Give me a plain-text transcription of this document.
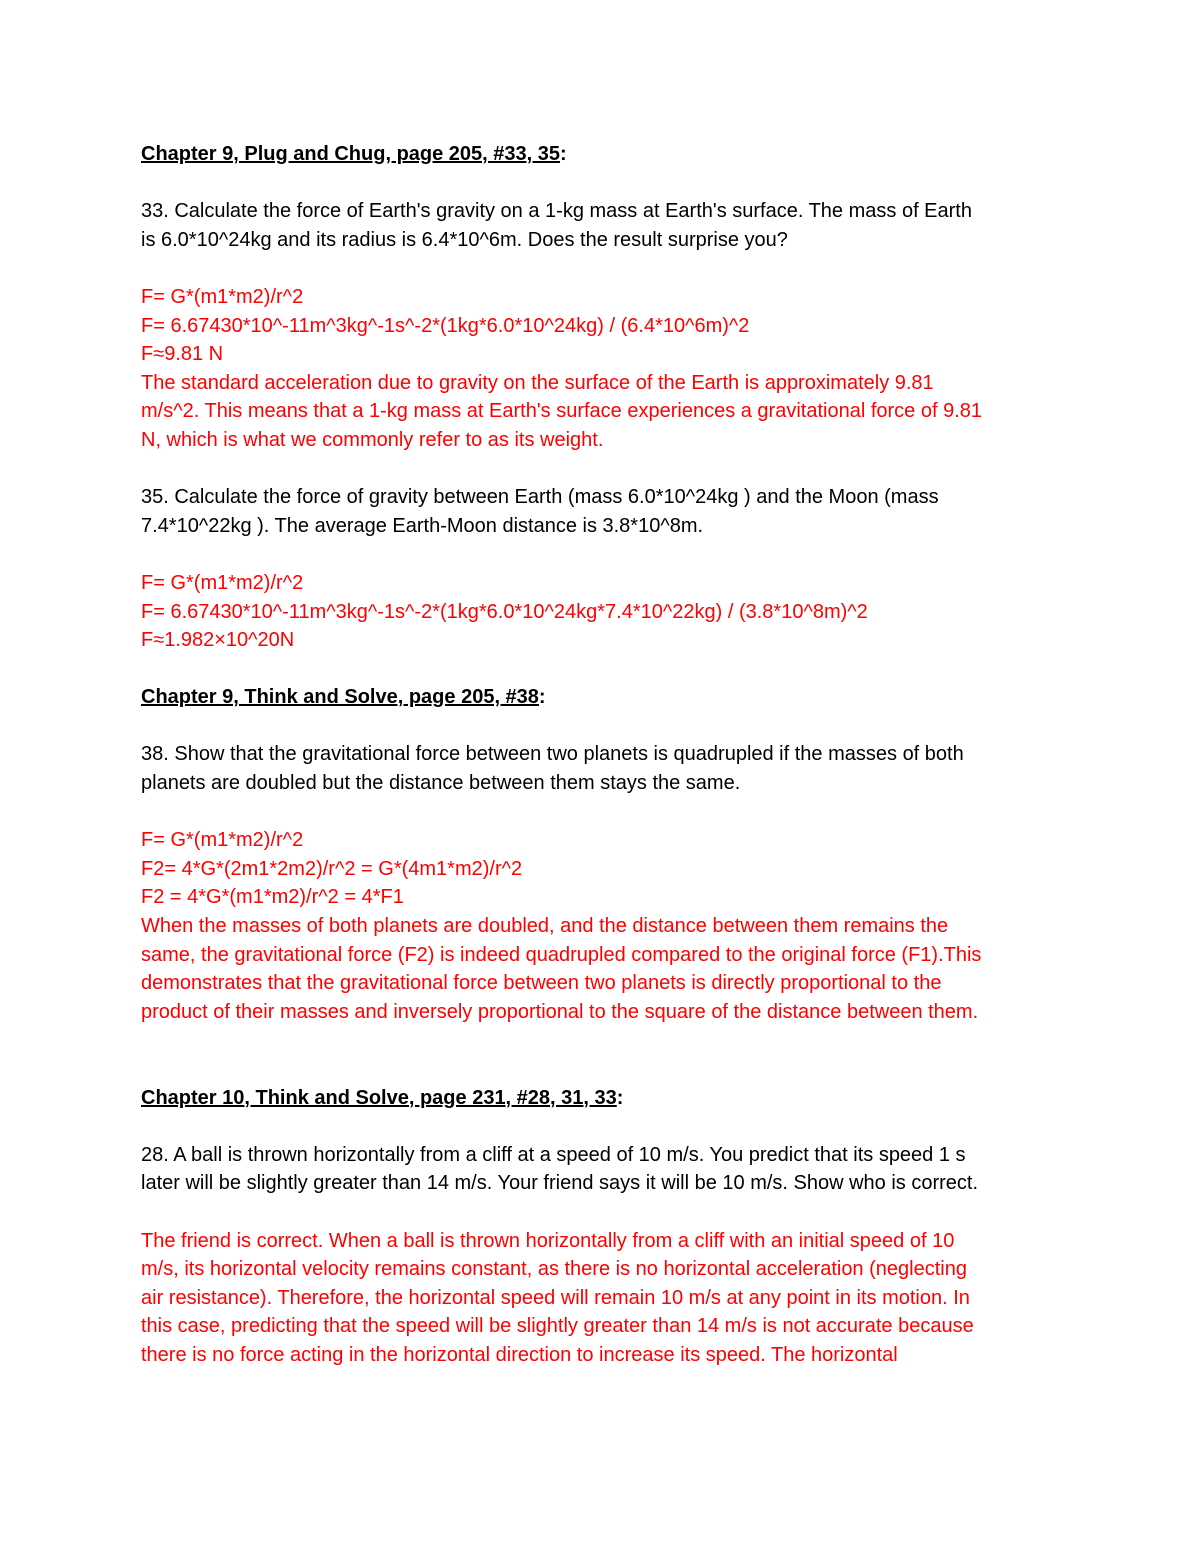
Chapter 9, Plug and Chug, page 205, #33, 35:
33. Calculate the force of Earth's gravity on a 1-kg mass at Earth's surface. The mass of Earth
is 6.0*10^24kg and its radius is 6.4*10^6m. Does the result surprise you?
F= G*(m1*m2)/r^2
F= 6.67430*10^-11m^3kg^-1s^-2*(1kg*6.0*10^24kg) / (6.4*10^6m)^2
F≈9.81 N
The standard acceleration due to gravity on the surface of the Earth is approximately 9.81
m/s^2. This means that a 1-kg mass at Earth's surface experiences a gravitational force of 9.81
N, which is what we commonly refer to as its weight.
35. Calculate the force of gravity between Earth (mass 6.0*10^24kg ) and the Moon (mass
7.4*10^22kg ). The average Earth-Moon distance is 3.8*10^8m.
F= G*(m1*m2)/r^2
F= 6.67430*10^-11m^3kg^-1s^-2*(1kg*6.0*10^24kg*7.4*10^22kg) / (3.8*10^8m)^2
F≈1.982×10^20N
Chapter 9, Think and Solve, page 205, #38:
38. Show that the gravitational force between two planets is quadrupled if the masses of both
planets are doubled but the distance between them stays the same.
F= G*(m1*m2)/r^2
F2= 4*G*(2m1*2m2)/r^2 = G*(4m1*m2)/r^2
F2 = 4*G*(m1*m2)/r^2 = 4*F1
When the masses of both planets are doubled, and the distance between them remains the
same, the gravitational force (F2) is indeed quadrupled compared to the original force (F1).This
demonstrates that the gravitational force between two planets is directly proportional to the
product of their masses and inversely proportional to the square of the distance between them.
Chapter 10, Think and Solve, page 231, #28, 31, 33:
28. A ball is thrown horizontally from a cliff at a speed of 10 m/s. You predict that its speed 1 s
later will be slightly greater than 14 m/s. Your friend says it will be 10 m/s. Show who is correct.
The friend is correct. When a ball is thrown horizontally from a cliff with an initial speed of 10
m/s, its horizontal velocity remains constant, as there is no horizontal acceleration (neglecting
air resistance). Therefore, the horizontal speed will remain 10 m/s at any point in its motion. In
this case, predicting that the speed will be slightly greater than 14 m/s is not accurate because
there is no force acting in the horizontal direction to increase its speed. The horizontal
